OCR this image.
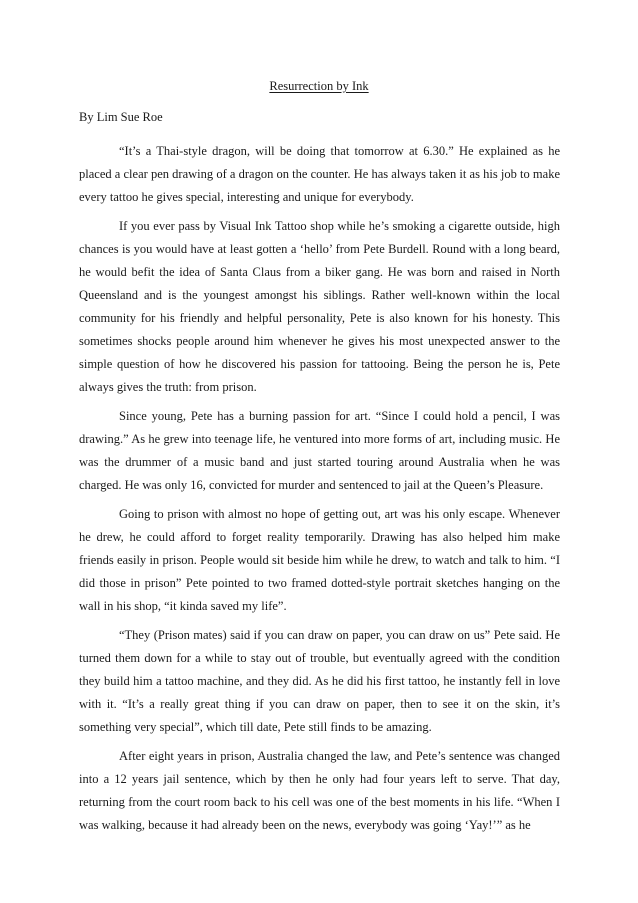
Resurrection by Ink
By Lim Sue Roe

“It’s a Thai-style dragon, will be doing that tomorrow at 6.30.” He explained as he placed a clear pen drawing of a dragon on the counter. He has always taken it as his job to make every tattoo he gives special, interesting and unique for everybody.

If you ever pass by Visual Ink Tattoo shop while he’s smoking a cigarette outside, high chances is you would have at least gotten a ‘hello’ from Pete Burdell. Round with a long beard, he would befit the idea of Santa Claus from a biker gang. He was born and raised in North Queensland and is the youngest amongst his siblings. Rather well-known within the local community for his friendly and helpful personality, Pete is also known for his honesty. This sometimes shocks people around him whenever he gives his most unexpected answer to the simple question of how he discovered his passion for tattooing. Being the person he is, Pete always gives the truth: from prison.

Since young, Pete has a burning passion for art. “Since I could hold a pencil, I was drawing.” As he grew into teenage life, he ventured into more forms of art, including music. He was the drummer of a music band and just started touring around Australia when he was charged. He was only 16, convicted for murder and sentenced to jail at the Queen’s Pleasure.

Going to prison with almost no hope of getting out, art was his only escape. Whenever he drew, he could afford to forget reality temporarily. Drawing has also helped him make friends easily in prison. People would sit beside him while he drew, to watch and talk to him. “I did those in prison” Pete pointed to two framed dotted-style portrait sketches hanging on the wall in his shop, “it kinda saved my life”.

“They (Prison mates) said if you can draw on paper, you can draw on us” Pete said. He turned them down for a while to stay out of trouble, but eventually agreed with the condition they build him a tattoo machine, and they did. As he did his first tattoo, he instantly fell in love with it. “It’s a really great thing if you can draw on paper, then to see it on the skin, it’s something very special”, which till date, Pete still finds to be amazing.

After eight years in prison, Australia changed the law, and Pete’s sentence was changed into a 12 years jail sentence, which by then he only had four years left to serve. That day, returning from the court room back to his cell was one of the best moments in his life. “When I was walking, because it had already been on the news, everybody was going ‘Yay!’” as he
